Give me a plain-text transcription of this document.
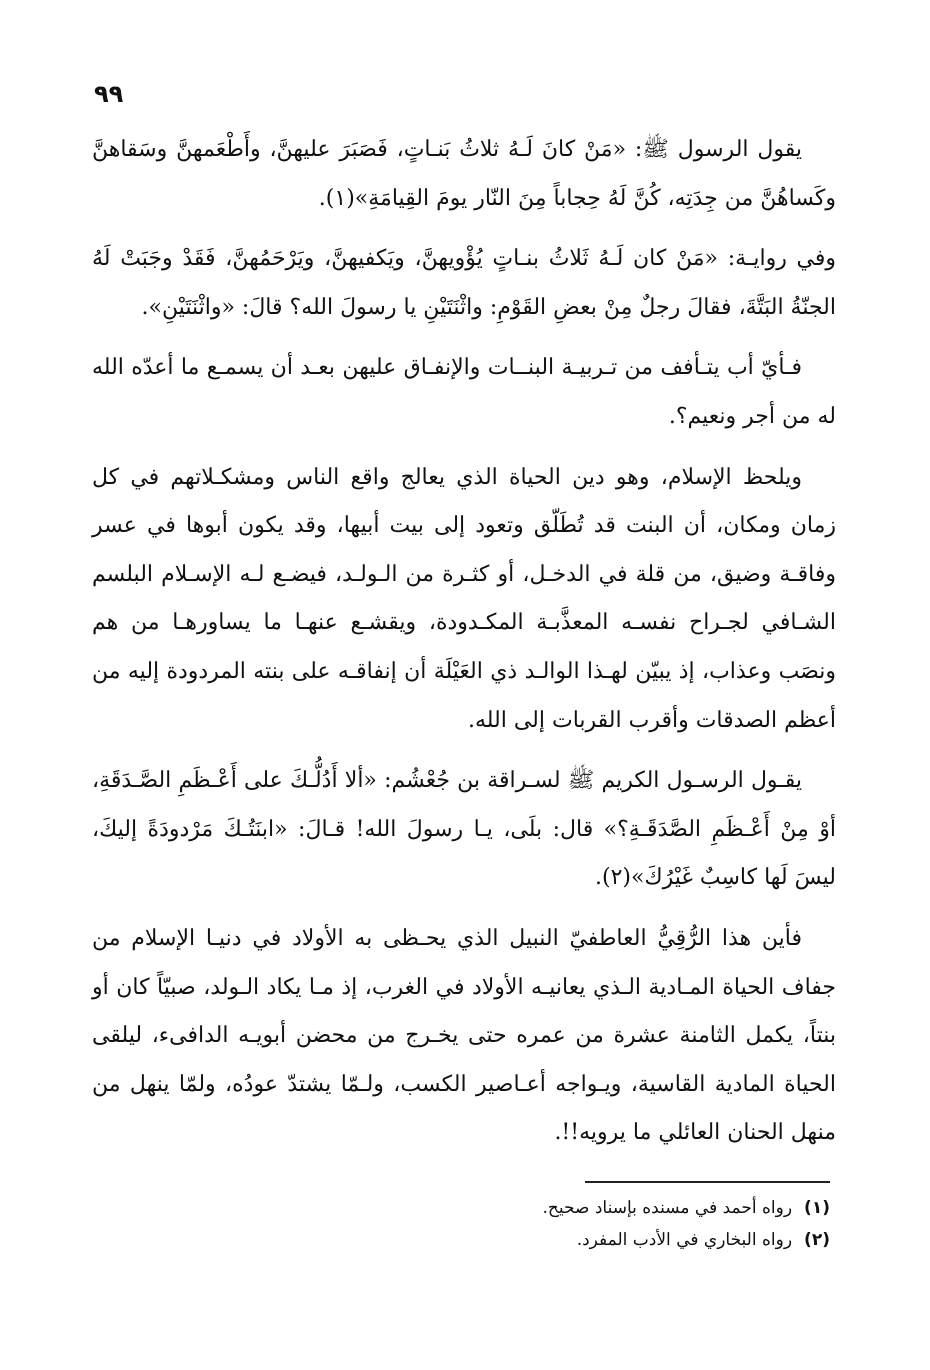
٩٩

يقول الرسول ﷺ: «مَنْ كانَ لَـهُ ثلاثُ بَنـاتٍ، فَصَبَرَ عليهنَّ، وأَطْعَمهنَّ وسَقاهنَّ وكَساهُنَّ من جِدَتِه، كُنَّ لَهُ حِجاباً مِنَ النّار يومَ القِيامَةِ»(١).

وفي روايـة: «مَنْ كان لَـهُ ثَلاثُ بنـاتٍ يُؤْويهنَّ، ويَكفيهنَّ، ويَرْحَمُهنَّ، فَقَدْ وجَبَتْ لَهُ الجنّةُ البَتَّةَ، فقالَ رجلٌ مِنْ بعضِ القَوْمِ: واثْنَتَيْنِ يا رسولَ الله؟ قالَ: «واثْنَتَيْنِ».

فـأيّ أب يتـأفف من تـربيـة البنــات والإنفـاق عليهن بعـد أن يسمـع ما أعدّه الله له من أجر ونعيم؟.

ويلحظ الإسلام، وهو دين الحياة الذي يعالج واقع الناس ومشكـلاتهم في كل زمان ومكان، أن البنت قد تُطَلّق وتعود إلى بيت أبيها، وقد يكون أبوها في عسر وفاقـة وضيق، من قلة في الدخـل، أو كثـرة من الـولـد، فيضـع لـه الإسـلام البلسم الشـافي لجـراح نفسـه المعذَّبـة المكـدودة، ويقشـع عنهـا ما يساورهـا من هم ونصَب وعذاب، إذ يبيّن لهـذا الوالـد ذي العَيْلَة أن إنفاقـه على بنته المردودة إليه من أعظم الصدقات وأقرب القربات إلى الله.

يقـول الرسـول الكريم ﷺ لسـراقة بن جُعْشُم: «ألا أَدُلُّـكَ على أَعْـظَمِ الصَّـدَقَةِ، أوْ مِنْ أَعْـظَمِ الصَّدَقَـةِ؟» قال: بلَى، يـا رسولَ الله! قـالَ: «ابنَتُـكَ مَرْدودَةً إليكَ، ليسَ لَها كاسِبٌ غَيْرُكَ»(٢).

فأين هذا الرُّقِيُّ العاطفيّ النبيل الذي يحـظى به الأولاد في دنيـا الإسلام من جفاف الحياة المـادية الـذي يعانيـه الأولاد في الغرب، إذ مـا يكاد الـولد، صبيّاً كان أو بنتاً، يكمل الثامنة عشرة من عمره حتى يخـرج من محضن أبويـه الدافىء، ليلقى الحياة المادية القاسية، ويـواجه أعـاصير الكسب، ولـمّا يشتدّ عودُه، ولمّا ينهل من منهل الحنان العائلي ما يرويه!!.

(١)
رواه أحمد في مسنده بإسناد صحيح.
(٢)
رواه البخاري في الأدب المفرد.
